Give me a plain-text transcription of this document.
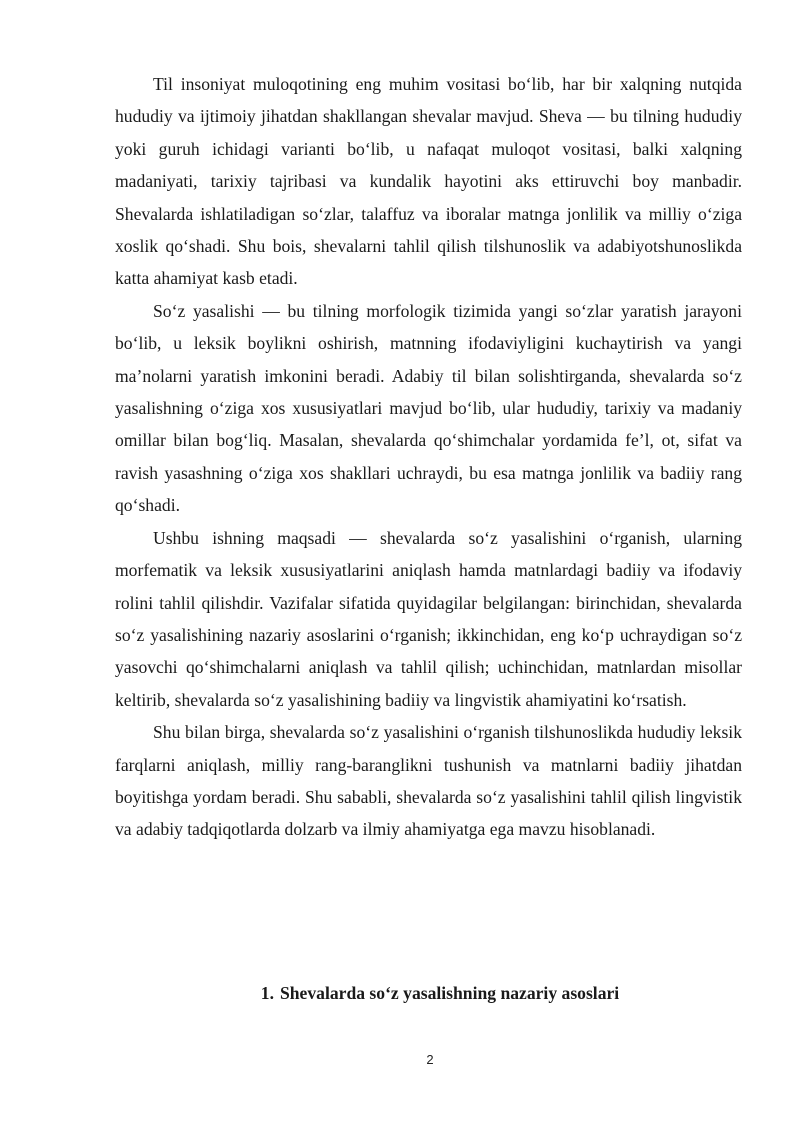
Til insoniyat muloqotining eng muhim vositasi bo‘lib, har bir xalqning nutqida hududiy va ijtimoiy jihatdan shakllangan shevalar mavjud. Sheva — bu tilning hududiy yoki guruh ichidagi varianti bo‘lib, u nafaqat muloqot vositasi, balki xalqning madaniyati, tarixiy tajribasi va kundalik hayotini aks ettiruvchi boy manbadir. Shevalarda ishlatiladigan so‘zlar, talaffuz va iboralar matnga jonlilik va milliy o‘ziga xoslik qo‘shadi. Shu bois, shevalarni tahlil qilish tilshunoslik va adabiyotshunoslikda katta ahamiyat kasb etadi.

So‘z yasalishi — bu tilning morfologik tizimida yangi so‘zlar yaratish jarayoni bo‘lib, u leksik boylikni oshirish, matnning ifodaviyligini kuchaytirish va yangi ma’nolarni yaratish imkonini beradi. Adabiy til bilan solishtirganda, shevalarda so‘z yasalishning o‘ziga xos xususiyatlari mavjud bo‘lib, ular hududiy, tarixiy va madaniy omillar bilan bog‘liq. Masalan, shevalarda qo‘shimchalar yordamida fe’l, ot, sifat va ravish yasashning o‘ziga xos shakllari uchraydi, bu esa matnga jonlilik va badiiy rang qo‘shadi.

Ushbu ishning maqsadi — shevalarda so‘z yasalishini o‘rganish, ularning morfematik va leksik xususiyatlarini aniqlash hamda matnlardagi badiiy va ifodaviy rolini tahlil qilishdir. Vazifalar sifatida quyidagilar belgilangan: birinchidan, shevalarda so‘z yasalishining nazariy asoslarini o‘rganish; ikkinchidan, eng ko‘p uchraydigan so‘z yasovchi qo‘shimchalarni aniqlash va tahlil qilish; uchinchidan, matnlardan misollar keltirib, shevalarda so‘z yasalishining badiiy va lingvistik ahamiyatini ko‘rsatish.

Shu bilan birga, shevalarda so‘z yasalishini o‘rganish tilshunoslikda hududiy leksik farqlarni aniqlash, milliy rang-baranglikni tushunish va matnlarni badiiy jihatdan boyitishga yordam beradi. Shu sababli, shevalarda so‘z yasalishini tahlil qilish lingvistik va adabiy tadqiqotlarda dolzarb va ilmiy ahamiyatga ega mavzu hisoblanadi.

1. Shevalarda so‘z yasalishning nazariy asoslari
2
